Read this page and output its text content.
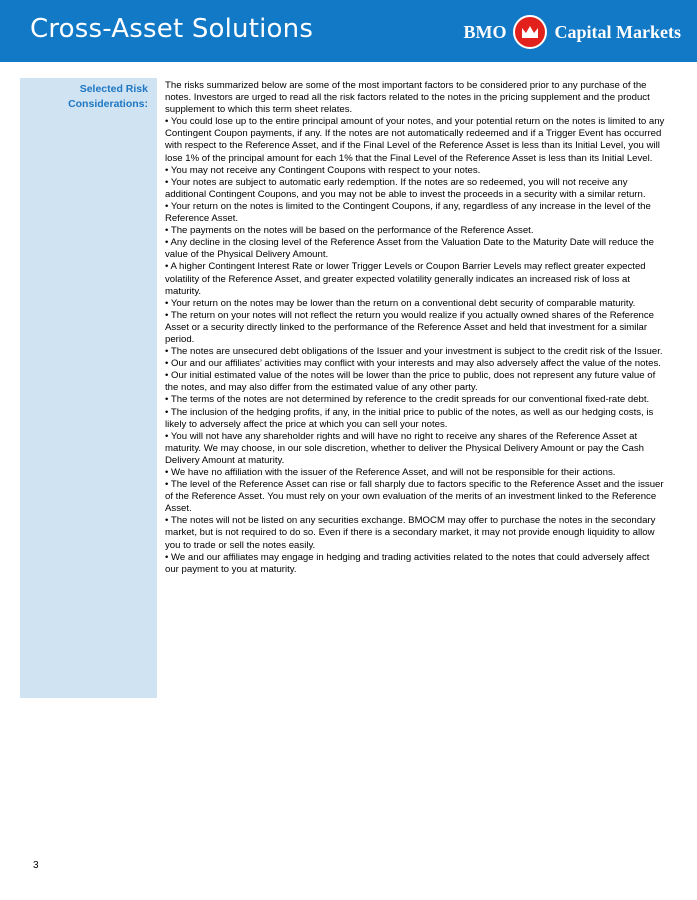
Cross-Asset Solutions	BMO	Capital Markets
Selected Risk Considerations:

The risks summarized below are some of the most important factors to be considered prior to any purchase of the notes. Investors are urged to read all the risk factors related to the notes in the pricing supplement and the product supplement to which this term sheet relates.

• You could lose up to the entire principal amount of your notes, and your potential return on the notes is limited to any Contingent Coupon payments, if any. If the notes are not automatically redeemed and if a Trigger Event has occurred with respect to the Reference Asset, and if the Final Level of the Reference Asset is less than its Initial Level, you will lose 1% of the principal amount for each 1% that the Final Level of the Reference Asset is less than its Initial Level.

• You may not receive any Contingent Coupons with respect to your notes.

• Your notes are subject to automatic early redemption. If the notes are so redeemed, you will not receive any additional Contingent Coupons, and you may not be able to invest the proceeds in a security with a similar return.

• Your return on the notes is limited to the Contingent Coupons, if any, regardless of any increase in the level of the Reference Asset.

• The payments on the notes will be based on the performance of the Reference Asset.

• Any decline in the closing level of the Reference Asset from the Valuation Date to the Maturity Date will reduce the value of the Physical Delivery Amount.

• A higher Contingent Interest Rate or lower Trigger Levels or Coupon Barrier Levels may reflect greater expected volatility of the Reference Asset, and greater expected volatility generally indicates an increased risk of loss at maturity.

• Your return on the notes may be lower than the return on a conventional debt security of comparable maturity.

• The return on your notes will not reflect the return you would realize if you actually owned shares of the Reference Asset or a security directly linked to the performance of the Reference Asset and held that investment for a similar period.

• The notes are unsecured debt obligations of the Issuer and your investment is subject to the credit risk of the Issuer.

• Our and our affiliates’ activities may conflict with your interests and may also adversely affect the value of the notes.

• Our initial estimated value of the notes will be lower than the price to public, does not represent any future value of the notes, and may also differ from the estimated value of any other party.

• The terms of the notes are not determined by reference to the credit spreads for our conventional fixed-rate debt.

• The inclusion of the hedging profits, if any, in the initial price to public of the notes, as well as our hedging costs, is likely to adversely affect the price at which you can sell your notes.

• You will not have any shareholder rights and will have no right to receive any shares of the Reference Asset at maturity. We may choose, in our sole discretion, whether to deliver the Physical Delivery Amount or pay the Cash Delivery Amount at maturity.

• We have no affiliation with the issuer of the Reference Asset, and will not be responsible for their actions.

• The level of the Reference Asset can rise or fall sharply due to factors specific to the Reference Asset and the issuer of the Reference Asset. You must rely on your own evaluation of the merits of an investment linked to the Reference Asset.

• The notes will not be listed on any securities exchange. BMOCM may offer to purchase the notes in the secondary market, but is not required to do so. Even if there is a secondary market, it may not provide enough liquidity to allow you to trade or sell the notes easily.

• We and our affiliates may engage in hedging and trading activities related to the notes that could adversely affect our payment to you at maturity.

3
